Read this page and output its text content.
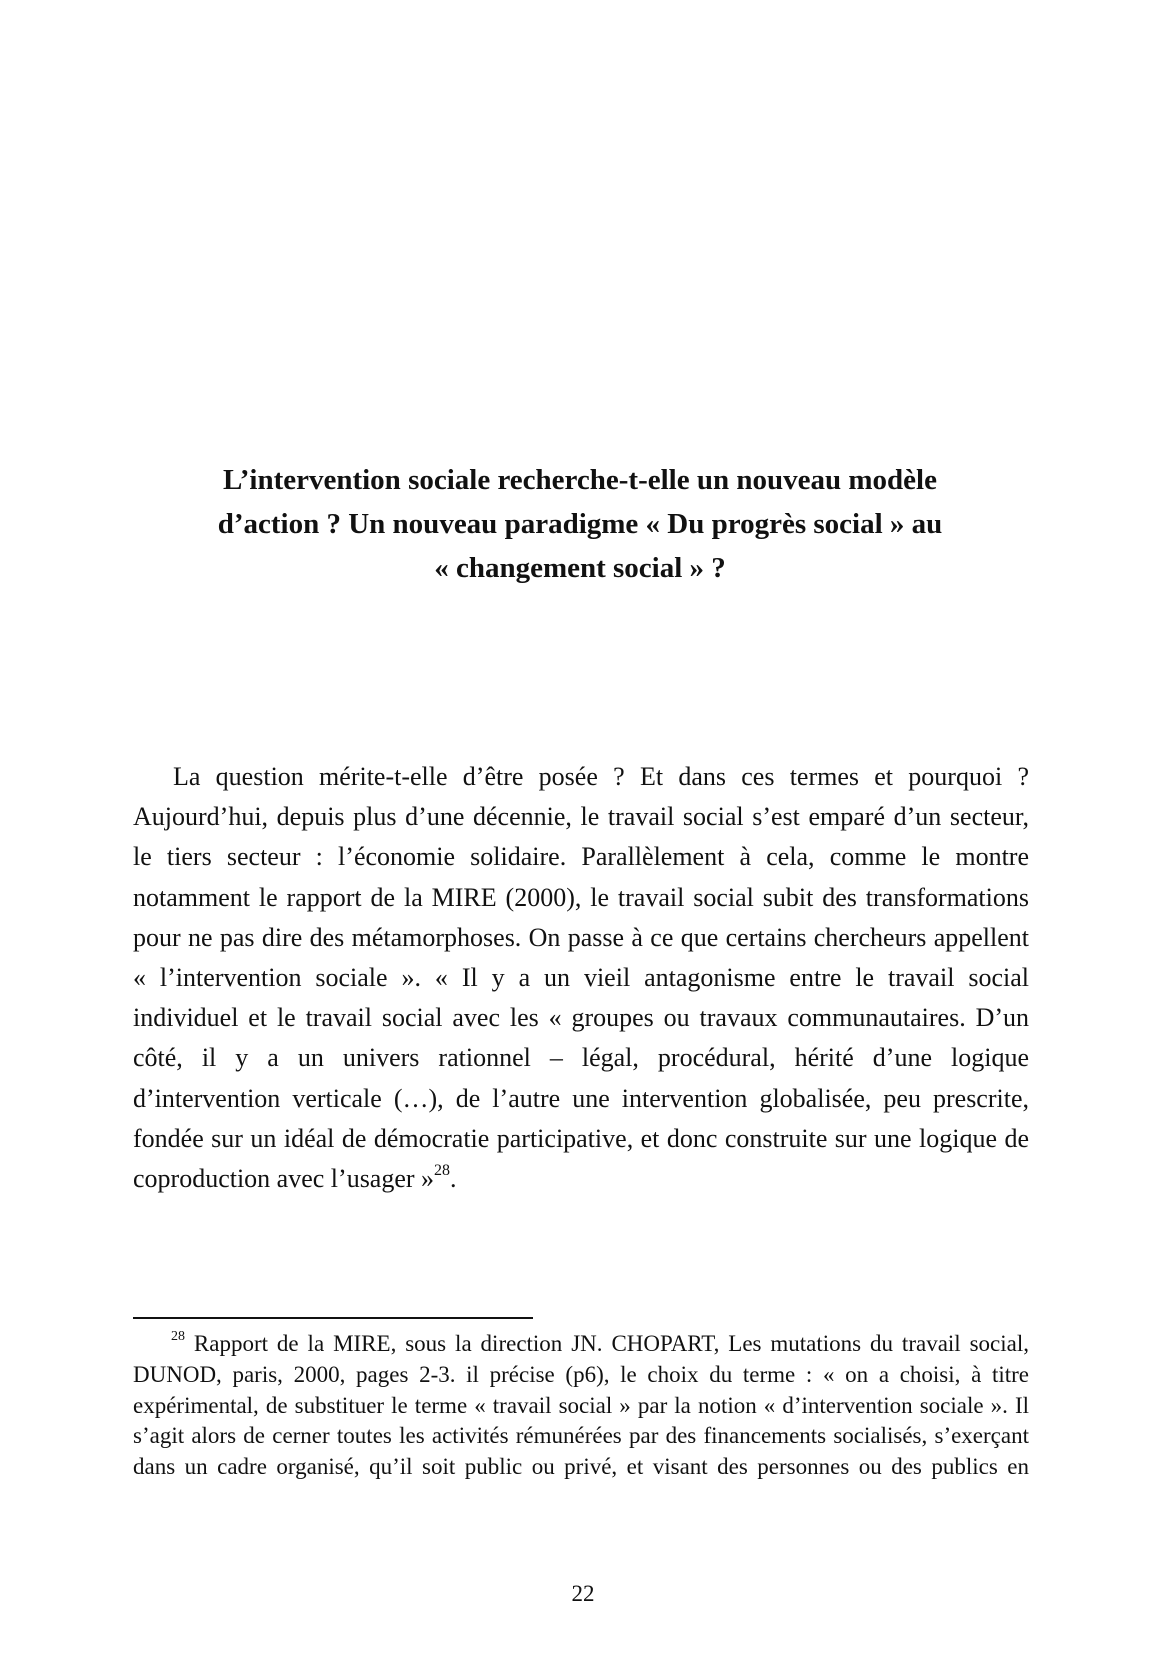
L’intervention sociale recherche-t-elle un nouveau modèle
d’action ? Un nouveau paradigme « Du progrès social » au
« changement social » ?

La question mérite-t-elle d’être posée ? Et dans ces termes et pourquoi ? Aujourd’hui, depuis plus d’une décennie, le travail social s’est emparé d’un secteur, le tiers secteur : l’économie solidaire. Parallèlement à cela, comme le montre notamment le rapport de la MIRE (2000), le travail social subit des transformations pour ne pas dire des métamorphoses. On passe à ce que certains chercheurs appellent « l’intervention sociale ». « Il y a un vieil antagonisme entre le travail social individuel et le travail social avec les « groupes ou travaux communautaires. D’un côté, il y a un univers rationnel – légal, procédural, hérité d’une logique d’intervention verticale (…), de l’autre une intervention globalisée, peu prescrite, fondée sur un idéal de démocratie participative, et donc construite sur une logique de coproduction avec l’usager »$^{28}$.

$^{28}$ Rapport de la MIRE, sous la direction JN. CHOPART, Les mutations du travail social, DUNOD, paris, 2000, pages 2-3. il précise (p6), le choix du terme : « on a choisi, à titre expérimental, de substituer le terme « travail social » par la notion « d’intervention sociale ». Il s’agit alors de cerner toutes les activités rémunérées par des financements socialisés, s’exerçant dans un cadre organisé, qu’il soit public ou privé, et visant des personnes ou des publics en

22
